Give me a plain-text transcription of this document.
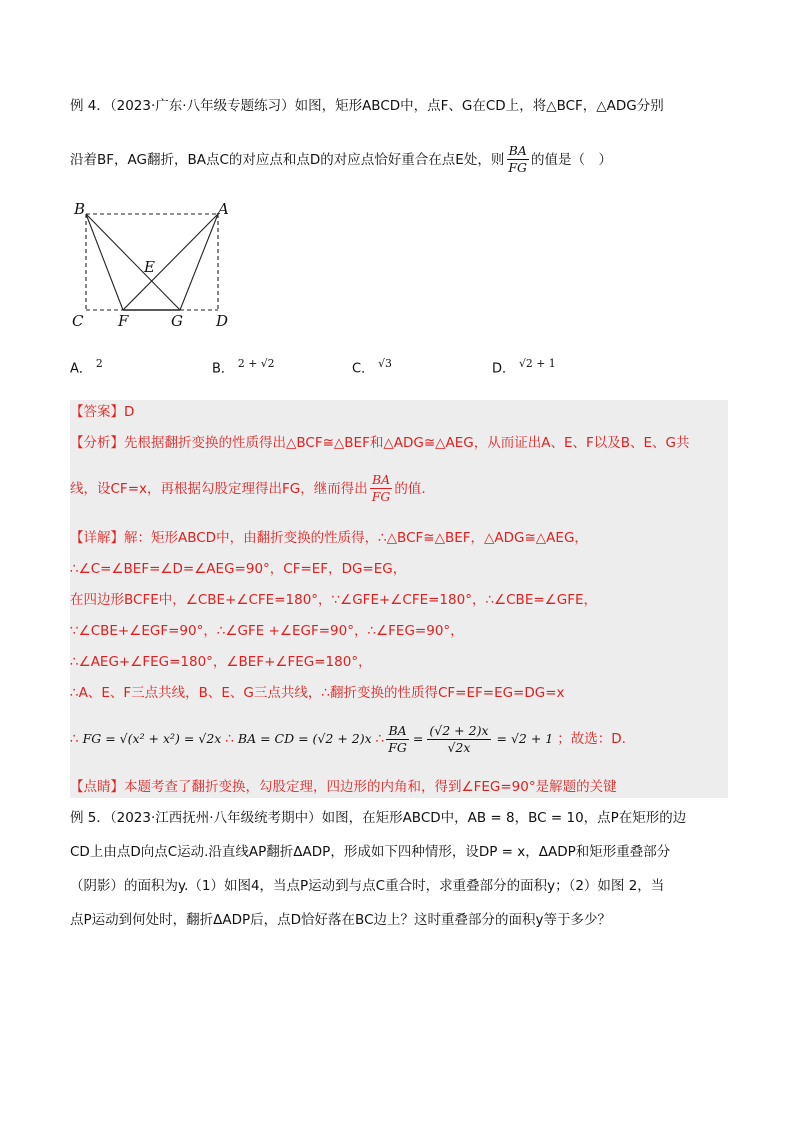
例 4．（2023·广东·八年级专题练习）如图，矩形ABCD中，点F、G在CD上，将△BCF，△ADG分别
沿着BF，AG翻折，BA点C的对应点和点D的对应点恰好重合在点E处，则 $\frac{BA}{FG}$ 的值是（　）
B	A
E
C F	G D
A． $^2$	B． $^{2 + √2}$	C． $^{√3}$	D． $^{√2 + 1}$
【答案】D
【分析】先根据翻折变换的性质得出△BCF≅△BEF和△ADG≅△AEG，从而证出A、E、F以及B、E、G共
线，设CF=x，再根据勾股定理得出FG，继而得出 $\frac{BA}{FG}$ 的值.
【详解】解：矩形ABCD中，由翻折变换的性质得，∴△BCF≅△BEF，△ADG≅△AEG，
∴∠C=∠BEF=∠D=∠AEG=90°，CF=EF，DG=EG，
在四边形BCFE中，∠CBE+∠CFE=180°，∵∠GFE+∠CFE=180°，∴∠CBE=∠GFE，
∵∠CBE+∠EGF=90°，∴∠GFE +∠EGF=90°，∴∠FEG=90°，
∴∠AEG+∠FEG=180°，∠BEF+∠FEG=180°，
∴A、E、F三点共线，B、E、G三点共线，∴翻折变换的性质得CF=EF=EG=DG=x
∴ FG = √(x² + x²) = √2x ∴ BA = CD = (√2 + 2)x ∴ $\frac{BA}{FG} = \frac{(√2 + 2)x}{√2x} = √2 + 1$ ；故选：D.
【点睛】本题考查了翻折变换，勾股定理，四边形的内角和，得到∠FEG=90°是解题的关键
例 5．（2023·江西抚州·八年级统考期中）如图，在矩形ABCD中，AB = 8，BC = 10，点P在矩形的边
CD上由点D向点C运动.沿直线AP翻折ΔADP，形成如下四种情形，设DP = x，ΔADP和矩形重叠部分
（阴影）的面积为y.（1）如图4，当点P运动到与点C重合时，求重叠部分的面积y；（2）如图 2，当
点P运动到何处时，翻折ΔADP后，点D恰好落在BC边上？这时重叠部分的面积y等于多少？
